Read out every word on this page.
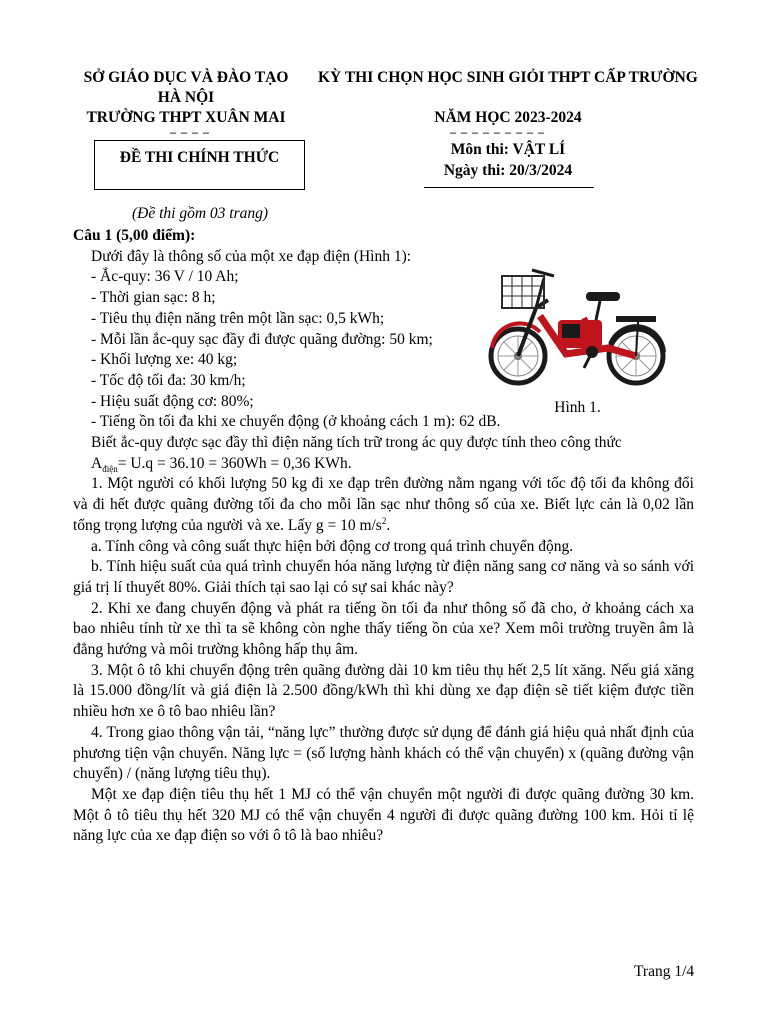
SỞ GIÁO DỤC VÀ ĐÀO TẠO
HÀ NỘI
TRƯỜNG THPT XUÂN MAI
– – – –
ĐỀ THI CHÍNH THỨC
KỲ THI CHỌN HỌC SINH GIỎI THPT CẤP TRƯỜNG
NĂM HỌC 2023-2024
– – – – – – – – –
Môn thi: VẬT LÍ
Ngày thi: 20/3/2024
(Đề thi gồm 03 trang)
Hình 1.

Câu 1 (5,00 điểm):

Dưới đây là thông số của một xe đạp điện (Hình 1):

- Ắc-quy: 36 V / 10 Ah;

- Thời gian sạc: 8 h;

- Tiêu thụ điện năng trên một lần sạc: 0,5 kWh;

- Mỗi lần ắc-quy sạc đầy đi được quãng đường: 50 km;

- Khối lượng xe: 40 kg;

- Tốc độ tối đa: 30 km/h;

- Hiệu suất động cơ: 80%;

- Tiếng ồn tối đa khi xe chuyển động (ở khoảng cách 1 m): 62 dB.

Biết ắc-quy được sạc đầy thì điện năng tích trữ trong ác quy được tính theo công thức

$A_{điện}= U.q = 36.10 = 360Wh = 0,36$ KWh.

1. Một người có khối lượng 50 kg đi xe đạp trên đường nằm ngang với tốc độ tối đa không đổi và đi hết được quãng đường tối đa cho mỗi lần sạc như thông số của xe. Biết lực cản là 0,02 lần tổng trọng lượng của người và xe. Lấy g = 10 $m/s^2$.

a. Tính công và công suất thực hiện bởi động cơ trong quá trình chuyển động.

b. Tính hiệu suất của quá trình chuyển hóa năng lượng từ điện năng sang cơ năng và so sánh với giá trị lí thuyết 80%. Giải thích tại sao lại có sự sai khác này?

2. Khi xe đang chuyển động và phát ra tiếng ồn tối đa như thông số đã cho, ở khoảng cách xa bao nhiêu tính từ xe thì ta sẽ không còn nghe thấy tiếng ồn của xe? Xem môi trường truyền âm là đẳng hướng và môi trường không hấp thụ âm.

3. Một ô tô khi chuyển động trên quãng đường dài 10 km tiêu thụ hết 2,5 lít xăng. Nếu giá xăng là 15.000 đồng/lít và giá điện là 2.500 đồng/kWh thì khi dùng xe đạp điện sẽ tiết kiệm được tiền nhiều hơn xe ô tô bao nhiêu lần?

4. Trong giao thông vận tải, “năng lực” thường được sử dụng để đánh giá hiệu quả nhất định của phương tiện vận chuyển. Năng lực = (số lượng hành khách có thể vận chuyển) x (quãng đường vận chuyển) / (năng lượng tiêu thụ).

Một xe đạp điện tiêu thụ hết 1 MJ có thể vận chuyển một người đi được quãng đường 30 km. Một ô tô tiêu thụ hết 320 MJ có thể vận chuyển 4 người đi được quãng đường 100 km. Hỏi tỉ lệ năng lực của xe đạp điện so với ô tô là bao nhiêu?

Trang 1/4
